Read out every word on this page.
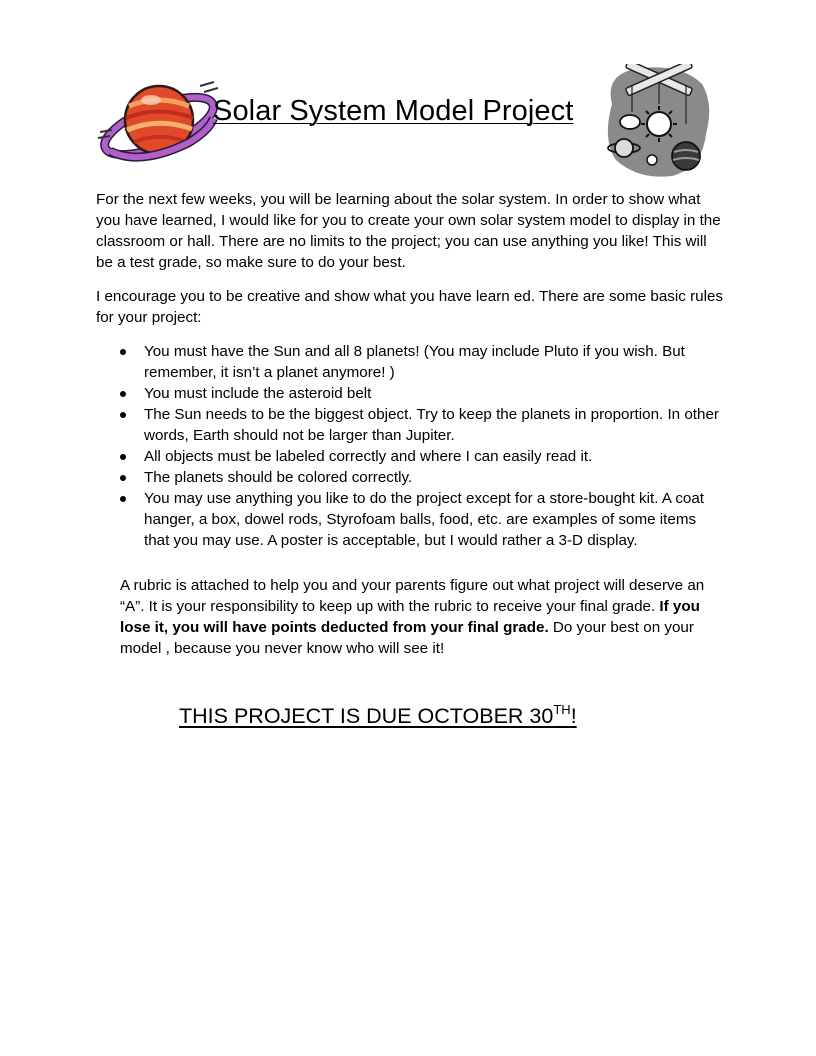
Solar System Model Project

For the next few weeks, you will be learning about the solar system. In order to show what you have learned, I would like for you to create your own solar system model to display in the classroom or hall. There are no limits to the project; you can use anything you like! This will be a test grade, so make sure to do your best.

I encourage you to be creative and show what you have learn ed. There are some basic rules for your project:

You must have the Sun and all 8 planets! (You may include Pluto if you wish. But remember, it isn’t a planet anymore! )
You must include the asteroid belt
The Sun needs to be the biggest object. Try to keep the planets in proportion. In other words, Earth should not be larger than Jupiter.
All objects must be labeled correctly and where I can easily read it.
The planets should be colored correctly.
You may use anything you like to do the project except for a store-bought kit. A coat hanger, a box, dowel rods, Styrofoam balls, food, etc. are examples of some items that you may use. A poster is acceptable, but I would rather a 3-D display.

A rubric is attached to help you and your parents figure out what project will deserve an “A”. It is your responsibility to keep up with the rubric to receive your final grade. If you lose it, you will have points deducted from your final grade. Do your best on your model , because you never know who will see it!

THIS PROJECT IS DUE OCTOBER 30TH!
